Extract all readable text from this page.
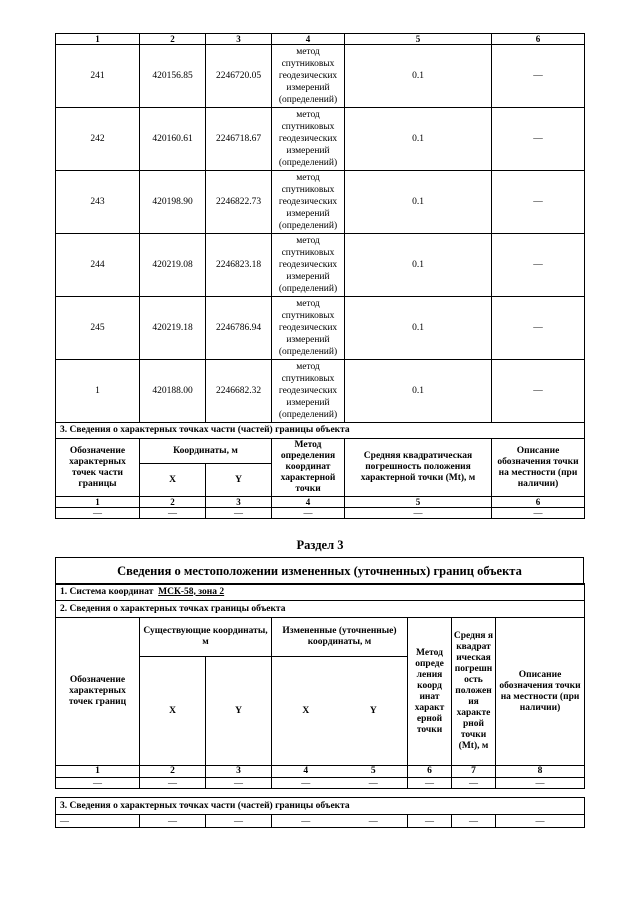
1	2	3	4	5	6
241	420156.85	2246720.05	метод спутниковых геодезических измерений (определений)	0.1	—
242	420160.61	2246718.67	метод спутниковых геодезических измерений (определений)	0.1	—
243	420198.90	2246822.73	метод спутниковых геодезических измерений (определений)	0.1	—
244	420219.08	2246823.18	метод спутниковых геодезических измерений (определений)	0.1	—
245	420219.18	2246786.94	метод спутниковых геодезических измерений (определений)	0.1	—
1	420188.00	2246682.32	метод спутниковых геодезических измерений (определений)	0.1	—
3. Сведения о характерных точках части (частей) границы объекта					
Обозначение характерных точек части границы	Координаты, м		Метод определения координат характерной точки	Средняя квадратическая погрешность положения характерной точки (Mt), м	Описание обозначения точки на местности (при наличии)
	X	Y			
1	2	3	4	5	6
—	—	—	—	—	—
Раздел 3
Сведения о местоположении измененных (уточненных) границ объекта
1. Система координат МСК-58, зона 2						
2. Сведения о характерных точках границы объекта						
Обозначение характерных точек границ	Существующие координаты, м		Измененные (уточненные) координаты, м	Метод опреде ления коорд инат характ ерной точки	Средня я квадрат ическая погрешн ость положен ия характе рной точки (Mt), м	Описание обозначения точки на местности (при наличии)
	X	Y	X Y			

1	2	3	4 5	6	7	8
—	—	—	— —	—	—	—

3. Сведения о характерных точках части (частей) границы объекта						
—	—	—	— —	—	—	—
